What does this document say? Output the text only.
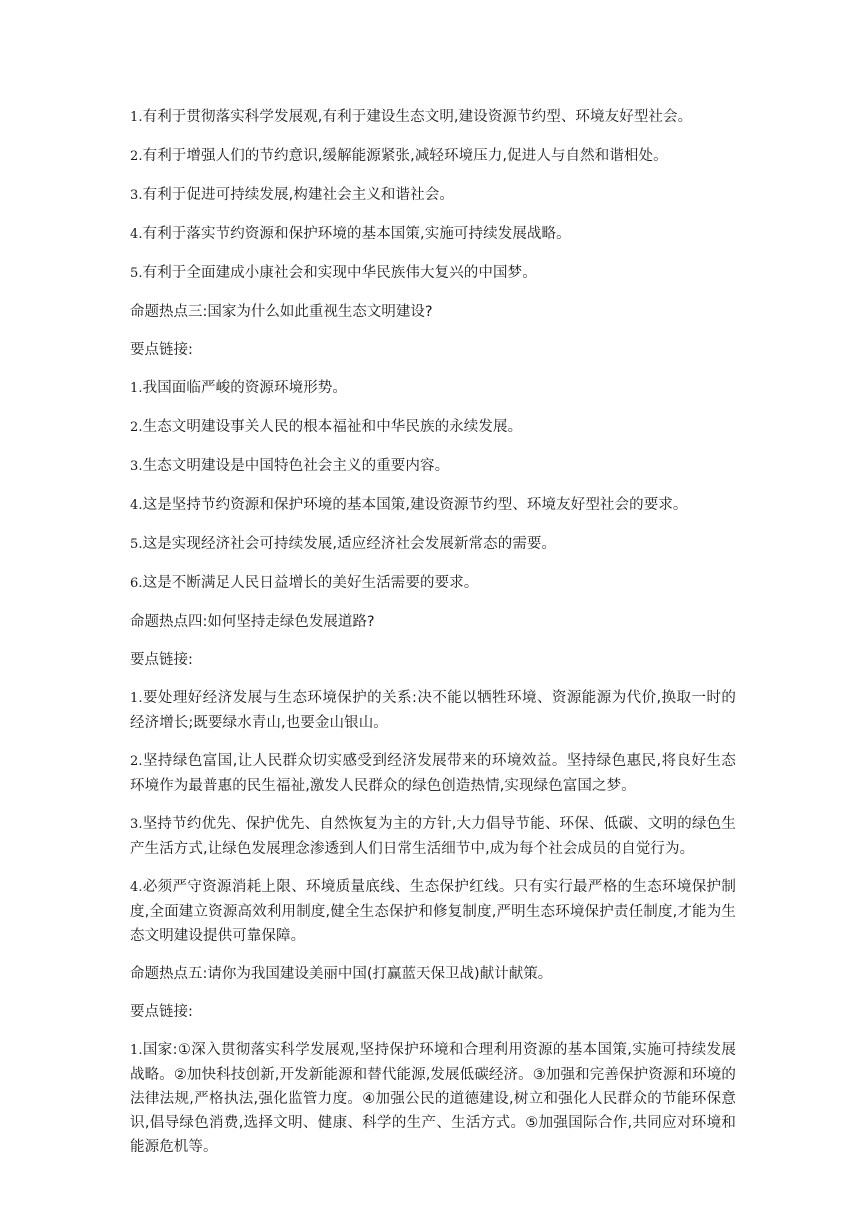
1.有利于贯彻落实科学发展观,有利于建设生态文明,建设资源节约型、环境友好型社会。

2.有利于增强人们的节约意识,缓解能源紧张,减轻环境压力,促进人与自然和谐相处。

3.有利于促进可持续发展,构建社会主义和谐社会。

4.有利于落实节约资源和保护环境的基本国策,实施可持续发展战略。

5.有利于全面建成小康社会和实现中华民族伟大复兴的中国梦。

命题热点三:国家为什么如此重视生态文明建设?

要点链接:

1.我国面临严峻的资源环境形势。

2.生态文明建设事关人民的根本福祉和中华民族的永续发展。

3.生态文明建设是中国特色社会主义的重要内容。

4.这是坚持节约资源和保护环境的基本国策,建设资源节约型、环境友好型社会的要求。

5.这是实现经济社会可持续发展,适应经济社会发展新常态的需要。

6.这是不断满足人民日益增长的美好生活需要的要求。

命题热点四:如何坚持走绿色发展道路?

要点链接:

1.要处理好经济发展与生态环境保护的关系:决不能以牺牲环境、资源能源为代价,换取一时的经济增长;既要绿水青山,也要金山银山。

2.坚持绿色富国,让人民群众切实感受到经济发展带来的环境效益。坚持绿色惠民,将良好生态环境作为最普惠的民生福祉,激发人民群众的绿色创造热情,实现绿色富国之梦。

3.坚持节约优先、保护优先、自然恢复为主的方针,大力倡导节能、环保、低碳、文明的绿色生产生活方式,让绿色发展理念渗透到人们日常生活细节中,成为每个社会成员的自觉行为。

4.必须严守资源消耗上限、环境质量底线、生态保护红线。只有实行最严格的生态环境保护制度,全面建立资源高效利用制度,健全生态保护和修复制度,严明生态环境保护责任制度,才能为生态文明建设提供可靠保障。

命题热点五:请你为我国建设美丽中国(打赢蓝天保卫战)献计献策。

要点链接:

1.国家:①深入贯彻落实科学发展观,坚持保护环境和合理利用资源的基本国策,实施可持续发展战略。②加快科技创新,开发新能源和替代能源,发展低碳经济。③加强和完善保护资源和环境的法律法规,严格执法,强化监管力度。④加强公民的道德建设,树立和强化人民群众的节能环保意识,倡导绿色消费,选择文明、健康、科学的生产、生活方式。⑤加强国际合作,共同应对环境和能源危机等。
